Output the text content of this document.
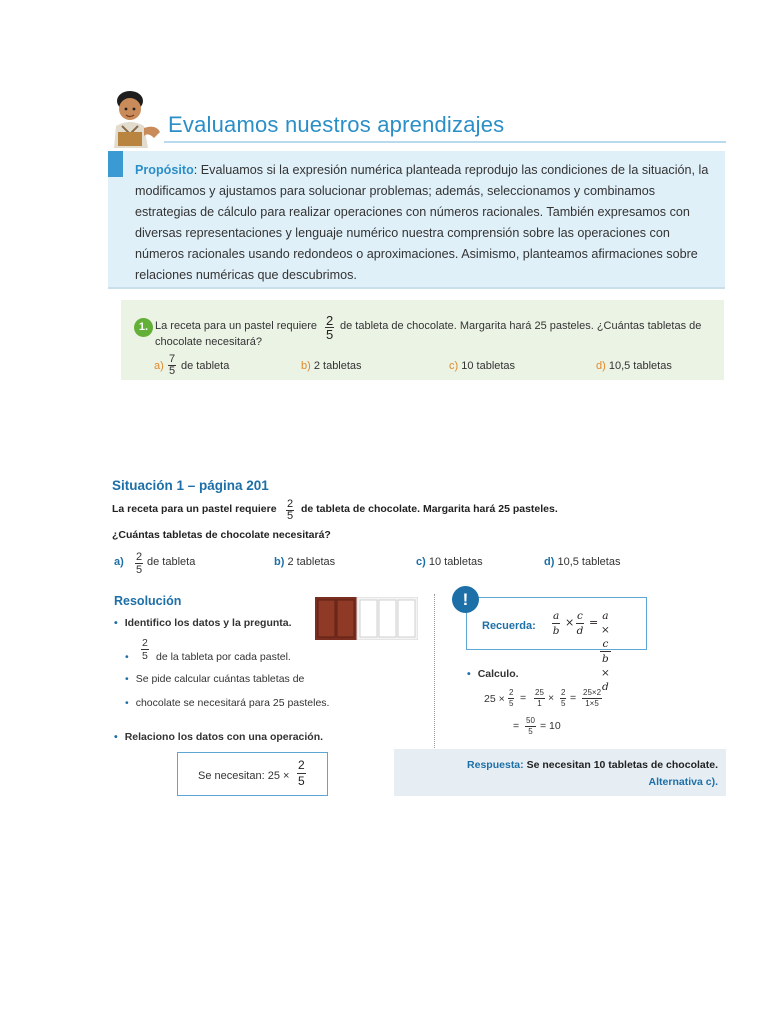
Evaluamos nuestros aprendizajes

Propósito: Evaluamos si la expresión numérica planteada reprodujo las condiciones de la situación, la modificamos y ajustamos para solucionar problemas; además, seleccionamos y combinamos estrategias de cálculo para realizar operaciones con números racionales. También expresamos con diversas representaciones y lenguaje numérico nuestra comprensión sobre las operaciones con números racionales usando redondeos o aproximaciones. Asimismo, planteamos afirmaciones sobre relaciones numéricas que descubrimos.

1. La receta para un pastel requiere $\frac{2}{5}$ de tableta de chocolate. Margarita hará 25 pasteles. ¿Cuántas tabletas de
chocolate necesitará?
$a) \frac{7}{5}$ de tableta	b) 2 tabletas	c) 10 tabletas	d) 10,5 tabletas
Situación 1 – página 201
La receta para un pastel requiere $\frac{2}{5}$ de tableta de chocolate. Margarita hará 25 pasteles.
¿Cuántas tabletas de chocolate necesitará?
$a) \frac{2}{5}$ de tableta	b) 2 tabletas	c) 10 tabletas	d) 10,5 tabletas
Resolución
• Identifico los datos y la pregunta.
• $\frac{2}{5}$ de la tableta por cada pastel.
• Se pide calcular cuántas tabletas de
• chocolate se necesitará para 25 pasteles.
• Relaciono los datos con una operación.
Se necesitan: $25 \times \frac{2}{5}$
Recuerda: $\frac{a}{b} \times \frac{c}{d} = \frac{a \times c}{b \times d}$
!
• Calculo.
$25 \times \frac{2}{5} = \frac{25}{1} \times \frac{2}{5} = \frac{25\times 2}{1\times 5}$
= $\frac{50}{5} = 10$
Respuesta: Se necesitan 10 tabletas de chocolate.
Alternativa c).
